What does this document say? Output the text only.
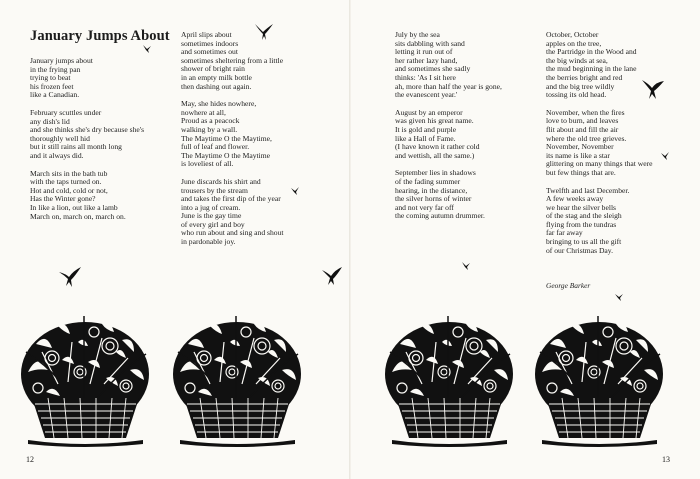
January Jumps About
January jumps about
in the frying pan
trying to beat
his frozen feet
like a Canadian.
February scuttles under
any dish's lid
and she thinks she's dry because she's
thoroughly well hid
but it still rains all month long
and it always did.
March sits in the bath tub
with the taps turned on.
Hot and cold, cold or not,
Has the Winter gone?
In like a lion, out like a lamb
March on, march on, march on.
April slips about
sometimes indoors
and sometimes out
sometimes sheltering from a little
shower of bright rain
in an empty milk bottle
then dashing out again.
May, she hides nowhere,
nowhere at all,
Proud as a peacock
walking by a wall.
The Maytime O the Maytime,
full of leaf and flower.
The Maytime O the Maytime
is loveliest of all.
June discards his shirt and
trousers by the stream
and takes the first dip of the year
into a jug of cream.
June is the gay time
of every girl and boy
who run about and sing and shout
in pardonable joy.
12
July by the sea
sits dabbling with sand
letting it run out of
her rather lazy hand,
and sometimes she sadly
thinks: 'As I sit here
ah, more than half the year is gone,
the evanescent year.'
August by an emperor
was given his great name.
It is gold and purple
like a Hall of Fame.
(I have known it rather cold
and wettish, all the same.)
September lies in shadows
of the fading summer
hearing, in the distance,
the silver horns of winter
and not very far off
the coming autumn drummer.
October, October
apples on the tree,
the Partridge in the Wood and
the big winds at sea,
the mud beginning in the lane
the berries bright and red
and the big tree wildly
tossing its old head.
November, when the fires
love to burn, and leaves
flit about and fill the air
where the old tree grieves.
November, November
its name is like a star
glittering on many things that were
but few things that are.
Twelfth and last December.
A few weeks away
we hear the silver bells
of the stag and the sleigh
flying from the tundras
far far away
bringing to us all the gift
of our Christmas Day.
George Barker
13
